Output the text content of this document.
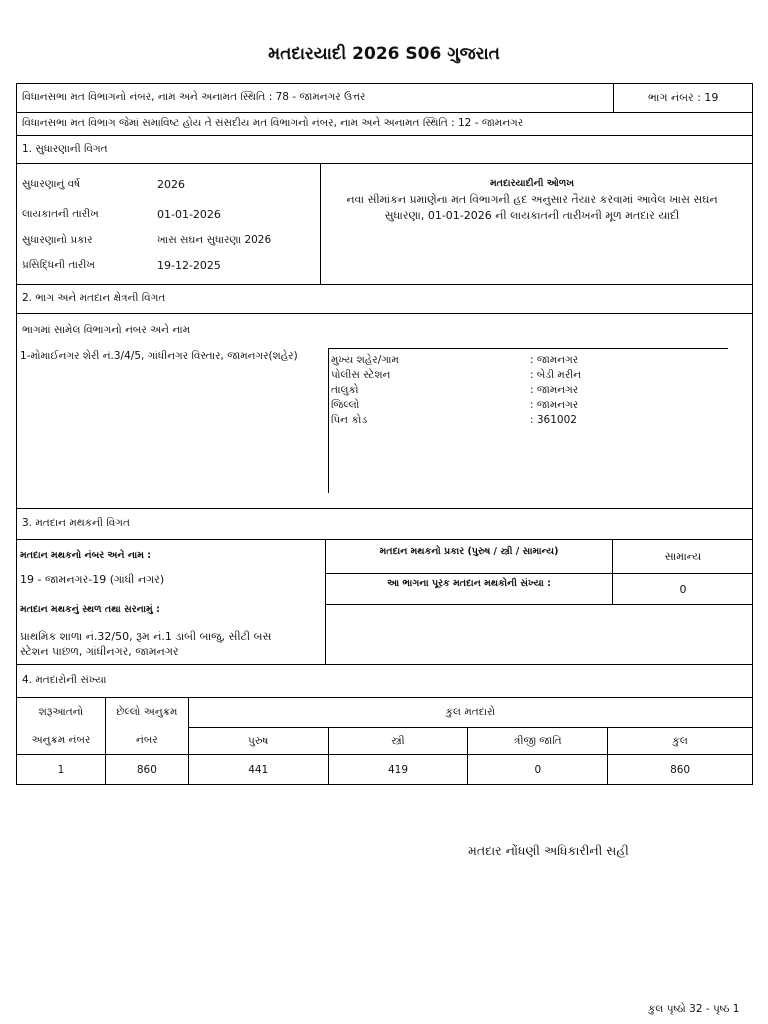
મતદારયાદી 2026 S06 ગુજરાત
વિધાનસભા મત વિભાગનો નંબર, નામ અને અનામત સ્થિતિ : 78 - જામનગર ઉત્તર	ભાગ નંબર : 19
વિધાનસભા મત વિભાગ જેમાં સમાવિષ્ટ હોય તે સંસદીય મત વિભાગનો નંબર, નામ અને અનામત સ્થિતિ : 12 - જામનગર
1. સુધારણાની વિગત
સુધારણાનું વર્ષ	2026
લાયકાતની તારીખ	01-01-2026
સુધારણાનો પ્રકાર	ખાસ સઘન સુધારણા 2026
પ્રસિદ્ધિની તારીખ	19-12-2025
મતદારયાદીની ઓળખ
નવા સીમાંકન પ્રમાણેના મત વિભાગની હદ અનુસાર તૈયાર કરવામાં આવેલ ખાસ સઘન
સુધારણા, 01-01-2026 ની લાયકાતની તારીખની મૂળ મતદાર યાદી
2. ભાગ અને મતદાન ક્ષેત્રની વિગત
ભાગમાં સામેલ વિભાગનો નંબર અને નામ
1-મોમાઈનગર શેરી નં.3/4/5, ગાંધીનગર વિસ્તાર, જામનગર(શહેર)	મુખ્ય શહેર/ગામ	: જામનગર
પોલીસ સ્ટેશન	: બેડી મરીન
તાલુકો	: જામનગર
જિલ્લો	: જામનગર
પિન કોડ	: 361002
3. મતદાન મથકની વિગત
મતદાન મથકનો નંબર અને નામ :
19 - જામનગર-19 (ગાંધી નગર)
મતદાન મથકનું સ્થળ તથા સરનામું :
પ્રાથમિક શાળા નં.32/50, રૂમ નં.1 ડાબી બાજુ, સીટી બસ
સ્ટેશન પાછળ, ગાંધીનગર, જામનગર
મતદાન મથકનો પ્રકાર (પુરુષ / સ્ત્રી / સામાન્ય)	સામાન્ય
આ ભાગના પૂરક મતદાન મથકોની સંખ્યા :	0
4. મતદારોની સંખ્યા
શરૂઆતનો	છેલ્લો અનુક્રમ	કુલ મતદારો			
અનુક્રમ નંબર	નંબર	પુરુષ	સ્ત્રી	ત્રીજી જાતિ	કુલ
1	860	441	419	0	860
મતદાર નોંધણી અધિકારીની સહી
કુલ પૃષ્ઠો 32 - પૃષ્ઠ 1
